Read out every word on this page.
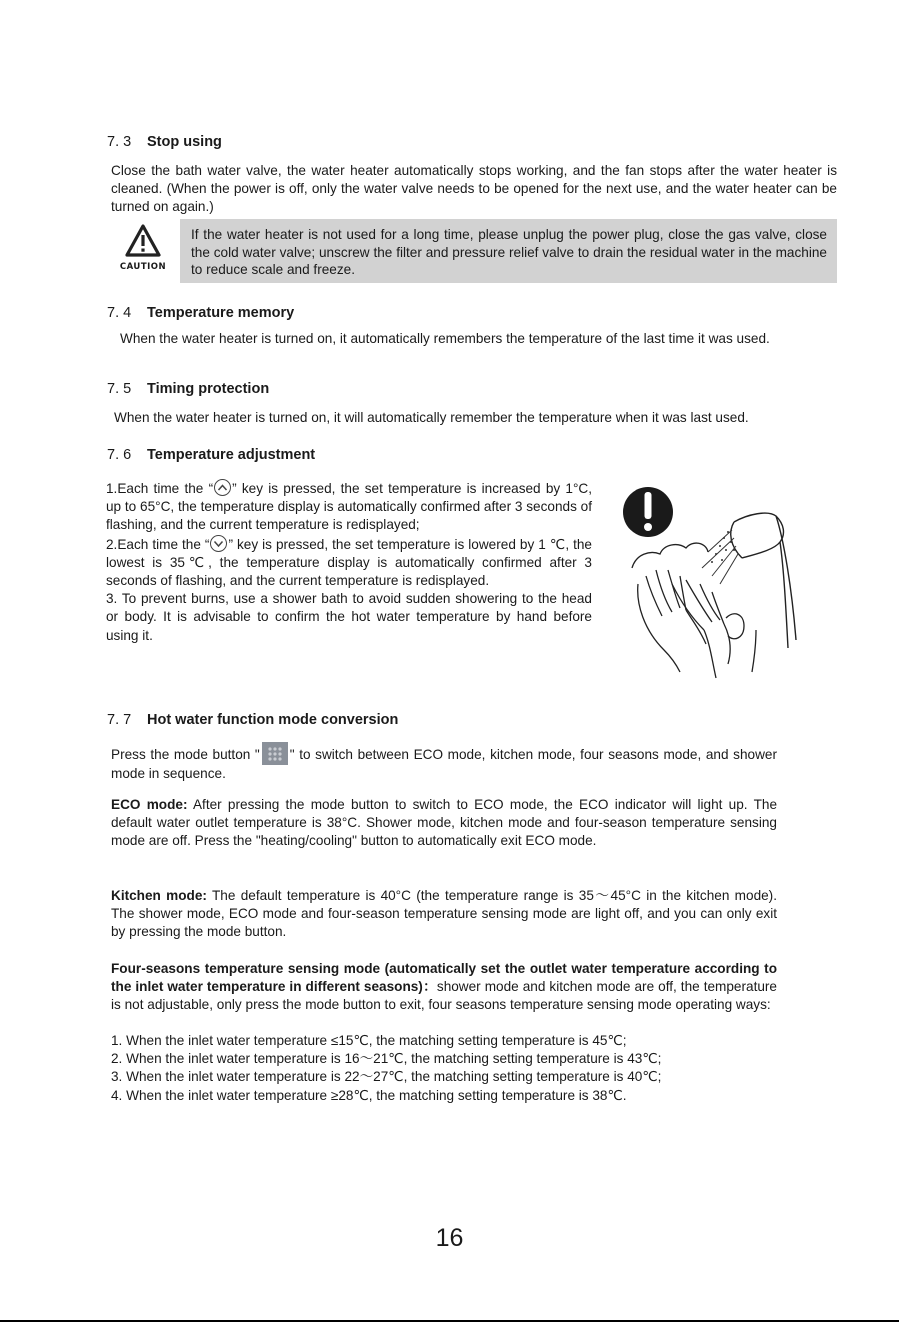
7. 3 Stop using
Close the bath water valve, the water heater automatically stops working, and the fan stops after the water heater is cleaned. (When the power is off, only the water valve needs to be opened for the next use, and the water heater can be turned on again.)
CAUTION
If the water heater is not used for a long time, please unplug the power plug, close the gas valve, close the cold water valve; unscrew the filter and pressure relief valve to drain the residual water in the machine to reduce scale and freeze.
7. 4 Temperature memory
When the water heater is turned on, it automatically remembers the temperature of the last time it was used.
7. 5 Timing protection
When the water heater is turned on, it will automatically remember the temperature when it was last used.
7. 6 Temperature adjustment
1.Each time the “ ” key is pressed, the set temperature is increased by 1°C, up to 65°C, the temperature display is automatically confirmed after 3 seconds of flashing, and the current temperature is redisplayed;
2.Each time the “ ” key is pressed, the set temperature is lowered by 1 ℃, the lowest is 35℃, the temperature display is automatically confirmed after 3 seconds of flashing, and the current temperature is redisplayed.
3. To prevent burns, use a shower bath to avoid sudden showering to the head or body. It is advisable to confirm the hot water temperature by hand before using it.
7. 7 Hot water function mode conversion
Press the mode button " " to switch between ECO mode, kitchen mode, four seasons mode, and shower mode in sequence.
ECO mode: After pressing the mode button to switch to ECO mode, the ECO indicator will light up. The default water outlet temperature is 38°C. Shower mode, kitchen mode and four-season temperature sensing mode are off. Press the "heating/cooling" button to automatically exit ECO mode.
Kitchen mode: The default temperature is 40°C (the temperature range is 35～45°C in the kitchen mode). The shower mode, ECO mode and four-season temperature sensing mode are light off, and you can only exit by pressing the mode button.
Four-seasons temperature sensing mode (automatically set the outlet water temperature according to the inlet water temperature in different seasons)：shower mode and kitchen mode are off, the temperature is not adjustable, only press the mode button to exit, four seasons temperature sensing mode operating ways:
1. When the inlet water temperature ≤15℃, the matching setting temperature is 45℃;
2. When the inlet water temperature is 16～21℃, the matching setting temperature is 43℃;
3. When the inlet water temperature is 22～27℃, the matching setting temperature is 40℃;
4. When the inlet water temperature ≥28℃, the matching setting temperature is 38℃.
16
